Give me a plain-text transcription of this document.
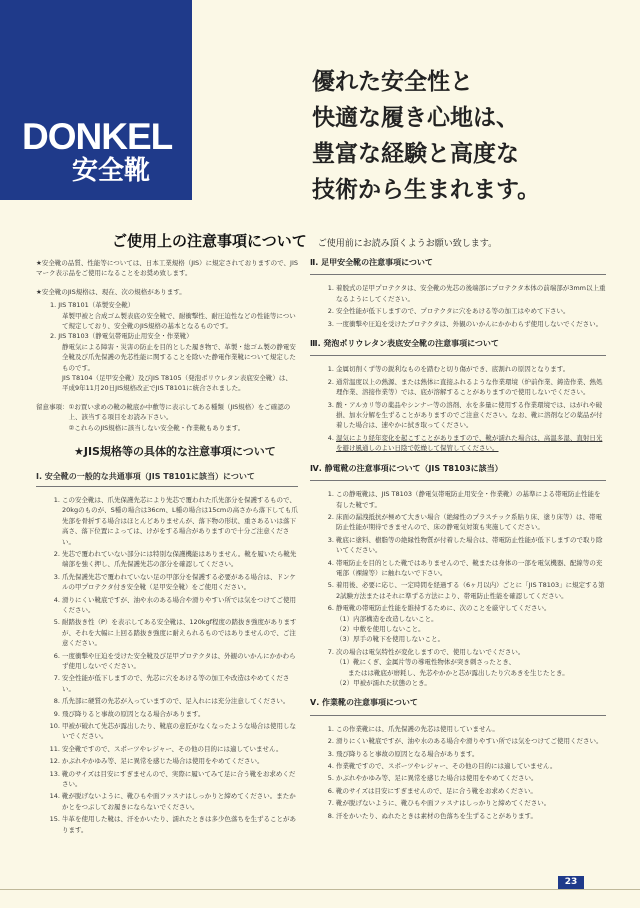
DONKEL
安全靴
優れた安全性と
快適な履き心地は、
豊富な経験と高度な
技術から生まれます。
ご使用上の注意事項について ご使用前にお読み頂くようお願い致します。

★安全靴の品質、性能等については、日本工業規格（JIS）に規定されておりますので、JISマーク表示品をご使用になることをお奨め致します。

★安全靴のJIS規格は、現在、次の規格があります。

1. JIS T8101（革製安全靴）
革製甲被と合成ゴム製表底の安全靴で、耐衝撃性、耐圧迫性などの性能等について規定しており、安全靴のJIS規格の基本となるものです。
2. JIS T8103（静電気帯電防止用安全・作業靴）
静電気による障害・災害の防止を目的とした履き物で、革製・総ゴム製の静電安全靴及び爪先保護の先芯性能に関することを除いた静電作業靴について規定したものです。
JIS T8104（足甲安全靴）及びJIS T8105（発泡ポリウレタン表底安全靴）は、平成9年11月20日JIS規格改正でJIS T8101に統合されました。
留意事項： ①お買い求めの靴の靴底か中敷等に表示してある種類（JIS規格）をご確認の上、該当する項目をお読み下さい。
②これらのJIS規格に該当しない安全靴・作業靴もあります。
★JIS規格等の具体的な注意事項について
Ⅰ. 安全靴の一般的な共通事項（JIS T8101に該当）について
1. この安全靴は、爪先保護先芯により先芯で覆われた爪先部分を保護するもので、20kgのものが、S種の場合は36cm、L種の場合は15cmの高さから落下しても爪先部を骨折する場合はほとんどありませんが、落下物の形状、重さあるいは落下高さ、落下位置によっては、けがをする場合がありますので十分ご注意ください。
2. 先芯で覆われていない部分には特別な保護機能はありません。靴を履いたら靴先端部を強く押し、爪先保護先芯の部分を確認してください。
3. 爪先保護先芯で覆われていない足の甲部分を保護する必要がある場合は、ドンケルの甲プロテクタ付き安全靴（足甲安全靴）をご使用ください。
4. 滑りにくい靴底ですが、油や水のある場合や滑りやすい所では気をつけてご使用ください。
5. 耐踏抜き性（P）を表示してある安全靴は、120kgf程度の踏抜き強度がありますが、それを大幅に上回る踏抜き強度に耐えられるものではありませんので、ご注意ください。
6. 一度衝撃や圧迫を受けた安全靴及び足甲プロテクタは、外観のいかんにかかわらず使用しないでください。
7. 安全性能が低下しますので、先芯に穴をあける等の加工や改造はやめてください。
8. 爪先部に硬質の先芯が入っていますので、足入れには充分注意してください。
9. 飛び降りると事故の原因となる場合があります。
10. 甲被が破れて先芯が露出したり、靴底の意匠がなくなったような場合は使用しないでください。
11. 安全靴ですので、スポーツやレジャー、その他の目的には適していません。
12. かぶれやかゆみ等、足に異常を感じた場合は使用をやめてください。
13. 靴のサイズは目安にすぎませんので、実際に履いてみて足に合う靴をお求めください。
14. 靴が脱げないように、靴ひもや面ファスナはしっかりと締めてください。またかかとをつぶしてお履きにならないでください。
15. 牛革を使用した靴は、汗をかいたり、濡れたときは多少色落ちを生ずることがあります。
Ⅱ. 足甲安全靴の注意事項について
1. 着脱式の足甲プロテクタは、安全靴の先芯の後端部にプロテクタ本体の前端部が3mm以上重なるようにしてください。
2. 安全性能が低下しますので、プロテクタに穴をあける等の加工はやめて下さい。
3. 一度衝撃や圧迫を受けたプロテクタは、外観のいかんにかかわらず使用しないでください。
Ⅲ. 発泡ポリウレタン表底安全靴の注意事項について
1. 金属切削くず等の鋭利なものを踏むと切り傷ができ、底割れの原因となります。
2. 通常温度以上の熱源、または熱体に直接ふれるような作業環境（炉前作業、鋳造作業、熱処理作業、溶接作業等）では、底が溶解することがありますので使用しないでください。
3. 酸・アルカリ等の薬品やシンナー等の溶剤、水を多量に使用する作業環境では、はがれや破損、加水分解を生ずることがありますのでご注意ください。なお、靴に溶剤などの薬品が付着した場合は、速やかに拭き取ってください。
4. 湿気により経年変化を起こすことがありますので、靴が濡れた場合は、高温多湿、直射日光を避け風通しのよい日陰で乾燥して保管してください。
Ⅳ. 静電靴の注意事項について（JIS T8103に該当）
1. この静電靴は、JIS T8103（静電気帯電防止用安全・作業靴）の基準による帯電防止性能を有した靴です。
2. 床面の漏洩抵抗が極めて大きい場合（絶縁性のプラスチック系貼り床、塗り床等）は、帯電防止性能が期待できませんので、床の静電気対策も実施してください。
3. 靴底に塗料、樹脂等の絶縁性物質が付着した場合は、帯電防止性能が低下しますので取り除いてください。
4. 帯電防止を目的とした靴ではありませんので、靴または身体の一部を電気機器、配線等の充電部（裸線等）に触れないで下さい。
5. 着用後、必要に応じ、一定時間を経過する（6ヶ月以内）ごとに「JIS T8103」に規定する第2試験方法またはそれに準ずる方法により、帯電防止性能を確認してください。
6. 静電靴の帯電防止性能を維持するために、次のことを厳守してください。
（1）内部構造を改造しないこと。
（2）中敷を使用しないこと。
（3）厚手の靴下を使用しないこと。
7. 次の場合は電気特性が変化しますので、使用しないでください。
（1）靴にくぎ、金属片等の導電性物体が突き刺さったとき、
またはは靴底が磨耗し、先芯やかかと芯が露出したり穴あきを生じたとき。
（2）甲被が濡れた状態のとき。
Ⅴ. 作業靴の注意事項について
1. この作業靴には、爪先保護の先芯は使用していません。
2. 滑りにくい靴底ですが、油や水のある場合や滑りやすい所では気をつけてご使用ください。
3. 飛び降りると事故の原因となる場合があります。
4. 作業靴ですので、スポーツやレジャー、その他の目的には適していません。
5. かぶれやかゆみ等、足に異常を感じた場合は使用をやめてください。
6. 靴のサイズは目安にすぎませんので、足に合う靴をお求めください。
7. 靴が脱げないように、靴ひもや面ファスナはしっかりと締めてください。
8. 汗をかいたり、ぬれたときは素材の色落ちを生ずることがあります。
23
